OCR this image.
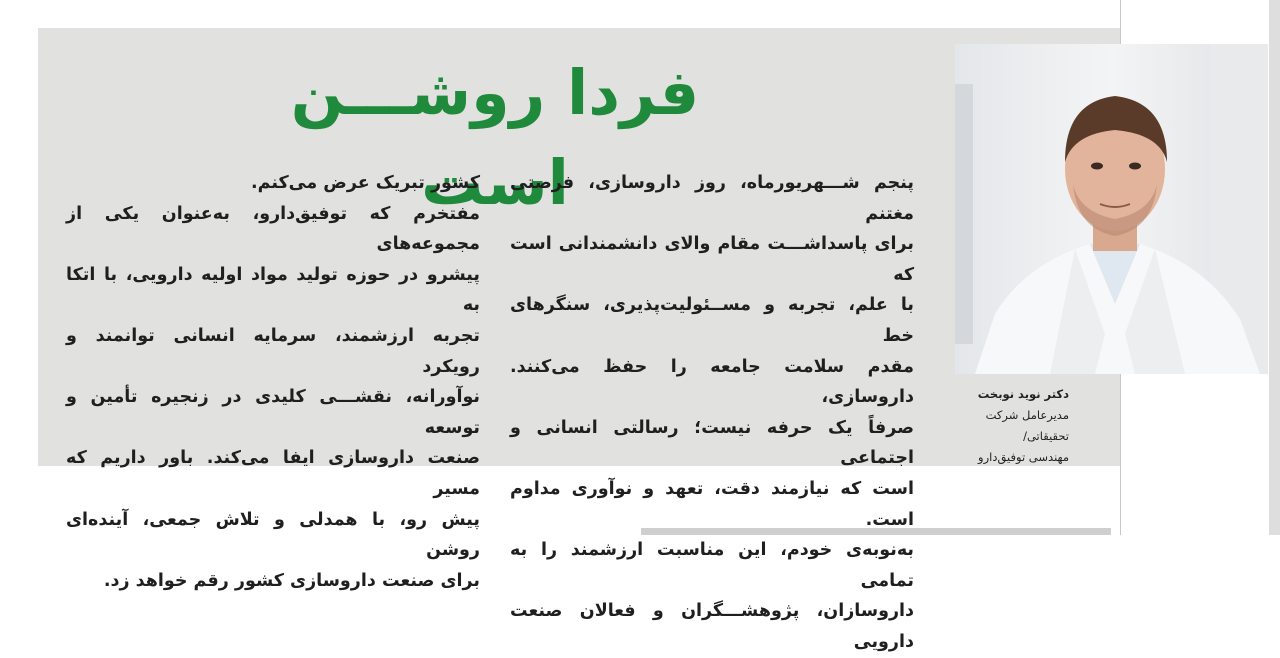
فردا روشـــن است

پنجم شـــهریورماه، روز داروسازی، فرصتی مغتنم

برای پاسداشـــت مقام والای دانشمندانی است که

با علم، تجربه و مســئولیت‌پذیری، سنگرهای خط

مقدم سلامت جامعه را حفظ می‌کنند. داروسازی،

صرفاً یک حرفه نیست؛ رسالتی انسانی و اجتماعی

است که نیازمند دقت، تعهد و نوآوری مداوم است.

به‌نوبه‌ی خودم، این مناسبت ارزشمند را به تمامی

داروسازان، پژوهشـــگران و فعالان صنعت دارویی

کشور تبریک عرض می‌کنم.

مفتخرم که توفیق‌دارو، به‌عنوان یکی از مجموعه‌های

پیشرو در حوزه تولید مواد اولیه دارویی، با اتکا به

تجربه ارزشمند، سرمایه انسانی توانمند و رویکرد

نوآورانه، نقشـــی کلیدی در زنجیره تأمین و توسعه

صنعت داروسازی ایفا می‌کند. باور داریم که مسیر

پیش رو، با همدلی و تلاش جمعی، آینده‌ای روشن

برای صنعت داروسازی کشور رقم خواهد زد.

دکتر نوید نوبخت
مدیرعامل شرکت تحقیقاتی/
مهندسی توفیق‌دارو
